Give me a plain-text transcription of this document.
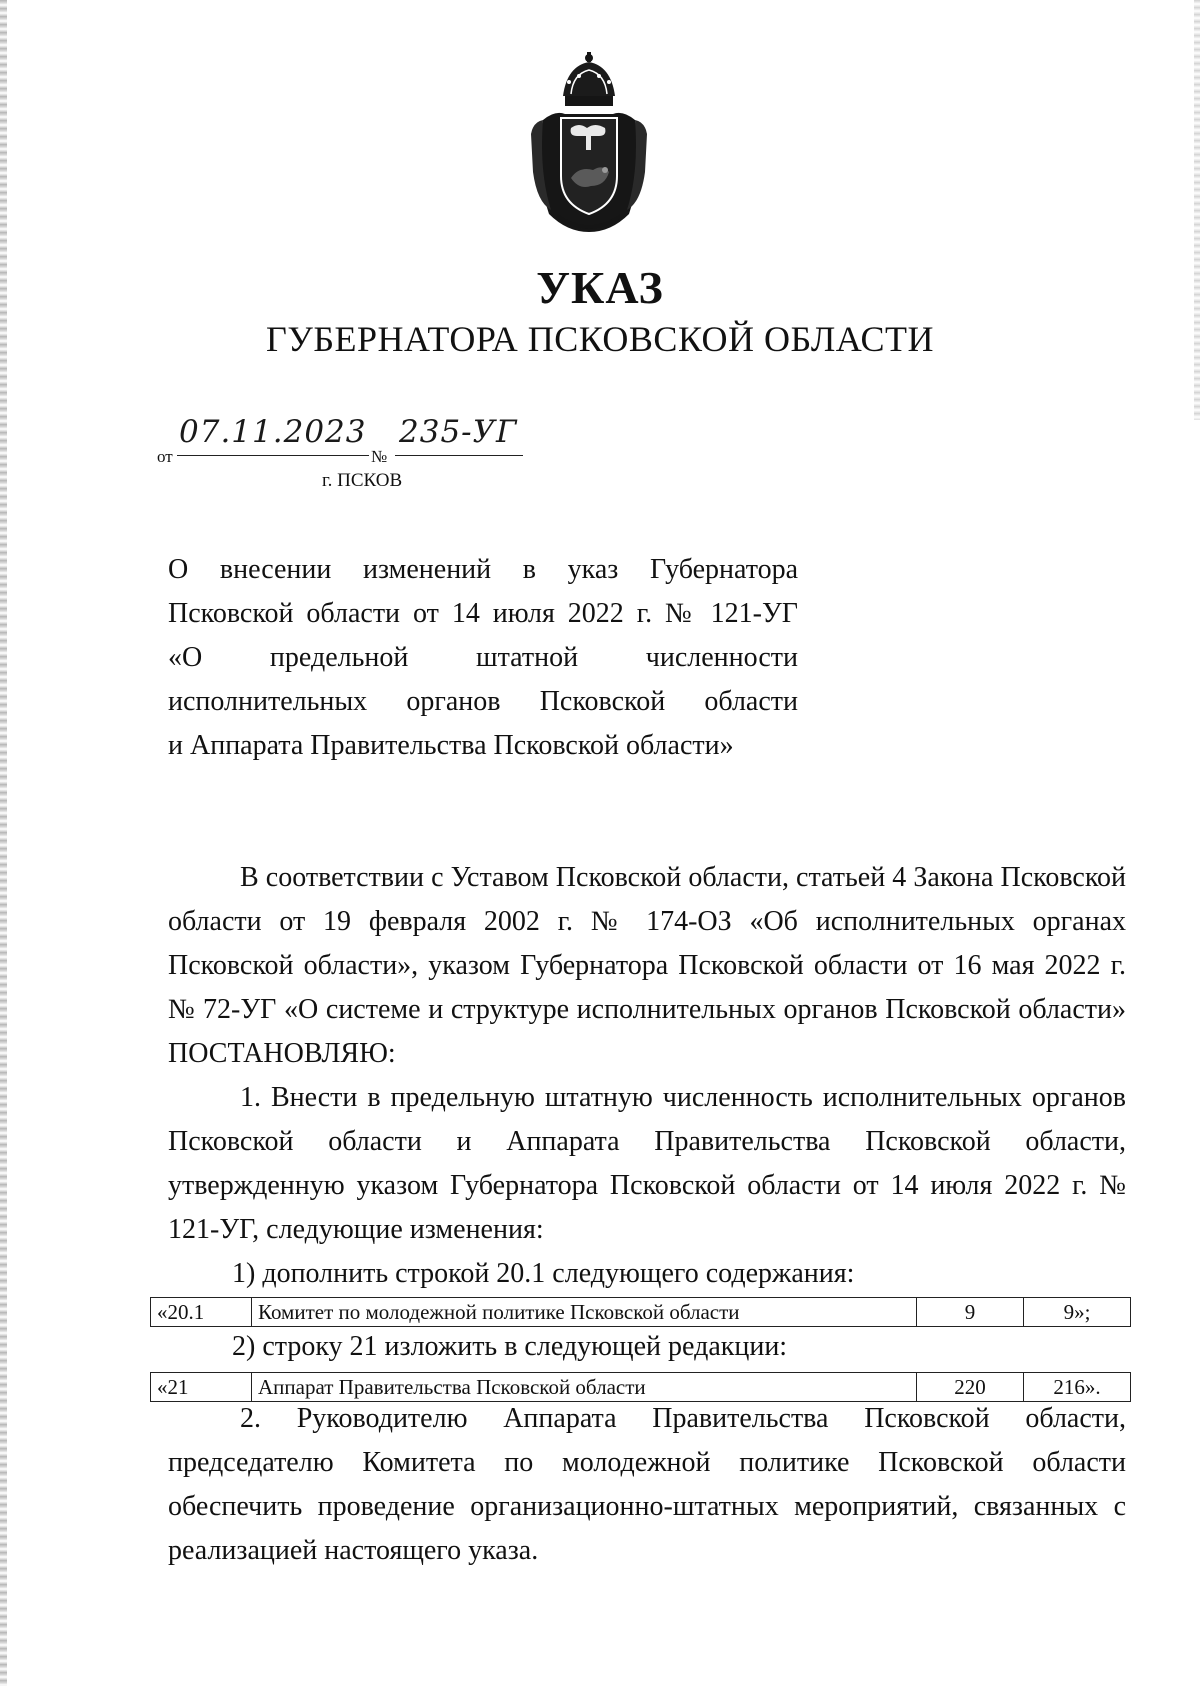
УКАЗ
ГУБЕРНАТОРА ПСКОВСКОЙ ОБЛАСТИ
от
07.11.2023
№
235-УГ
г. ПСКОВ

О внесении изменений в указ Губернатора

Псковской области от 14 июля 2022 г. № 121-УГ

«О предельной штатной численности

исполнительных органов Псковской области

и Аппарата Правительства Псковской области»

В соответствии с Уставом Псковской области, статьей 4 Закона Псковской области от 19 февраля 2002 г. № 174-ОЗ «Об исполнительных органах Псковской области», указом Губернатора Псковской области от 16 мая 2022 г. № 72-УГ «О системе и структуре исполнительных органов Псковской области» ПОСТАНОВЛЯЮ:

1. Внести в предельную штатную численность исполнительных органов Псковской области и Аппарата Правительства Псковской области, утвержденную указом Губернатора Псковской области от 14 июля 2022 г. № 121-УГ, следующие изменения:

1) дополнить строкой 20.1 следующего содержания:
«20.1	Комитет по молодежной политике Псковской области	9	9»;
2) строку 21 изложить в следующей редакции:
«21	Аппарат Правительства Псковской области	220	216».

2. Руководителю Аппарата Правительства Псковской области, председателю Комитета по молодежной политике Псковской области обеспечить проведение организационно-штатных мероприятий, связанных с реализацией настоящего указа.
